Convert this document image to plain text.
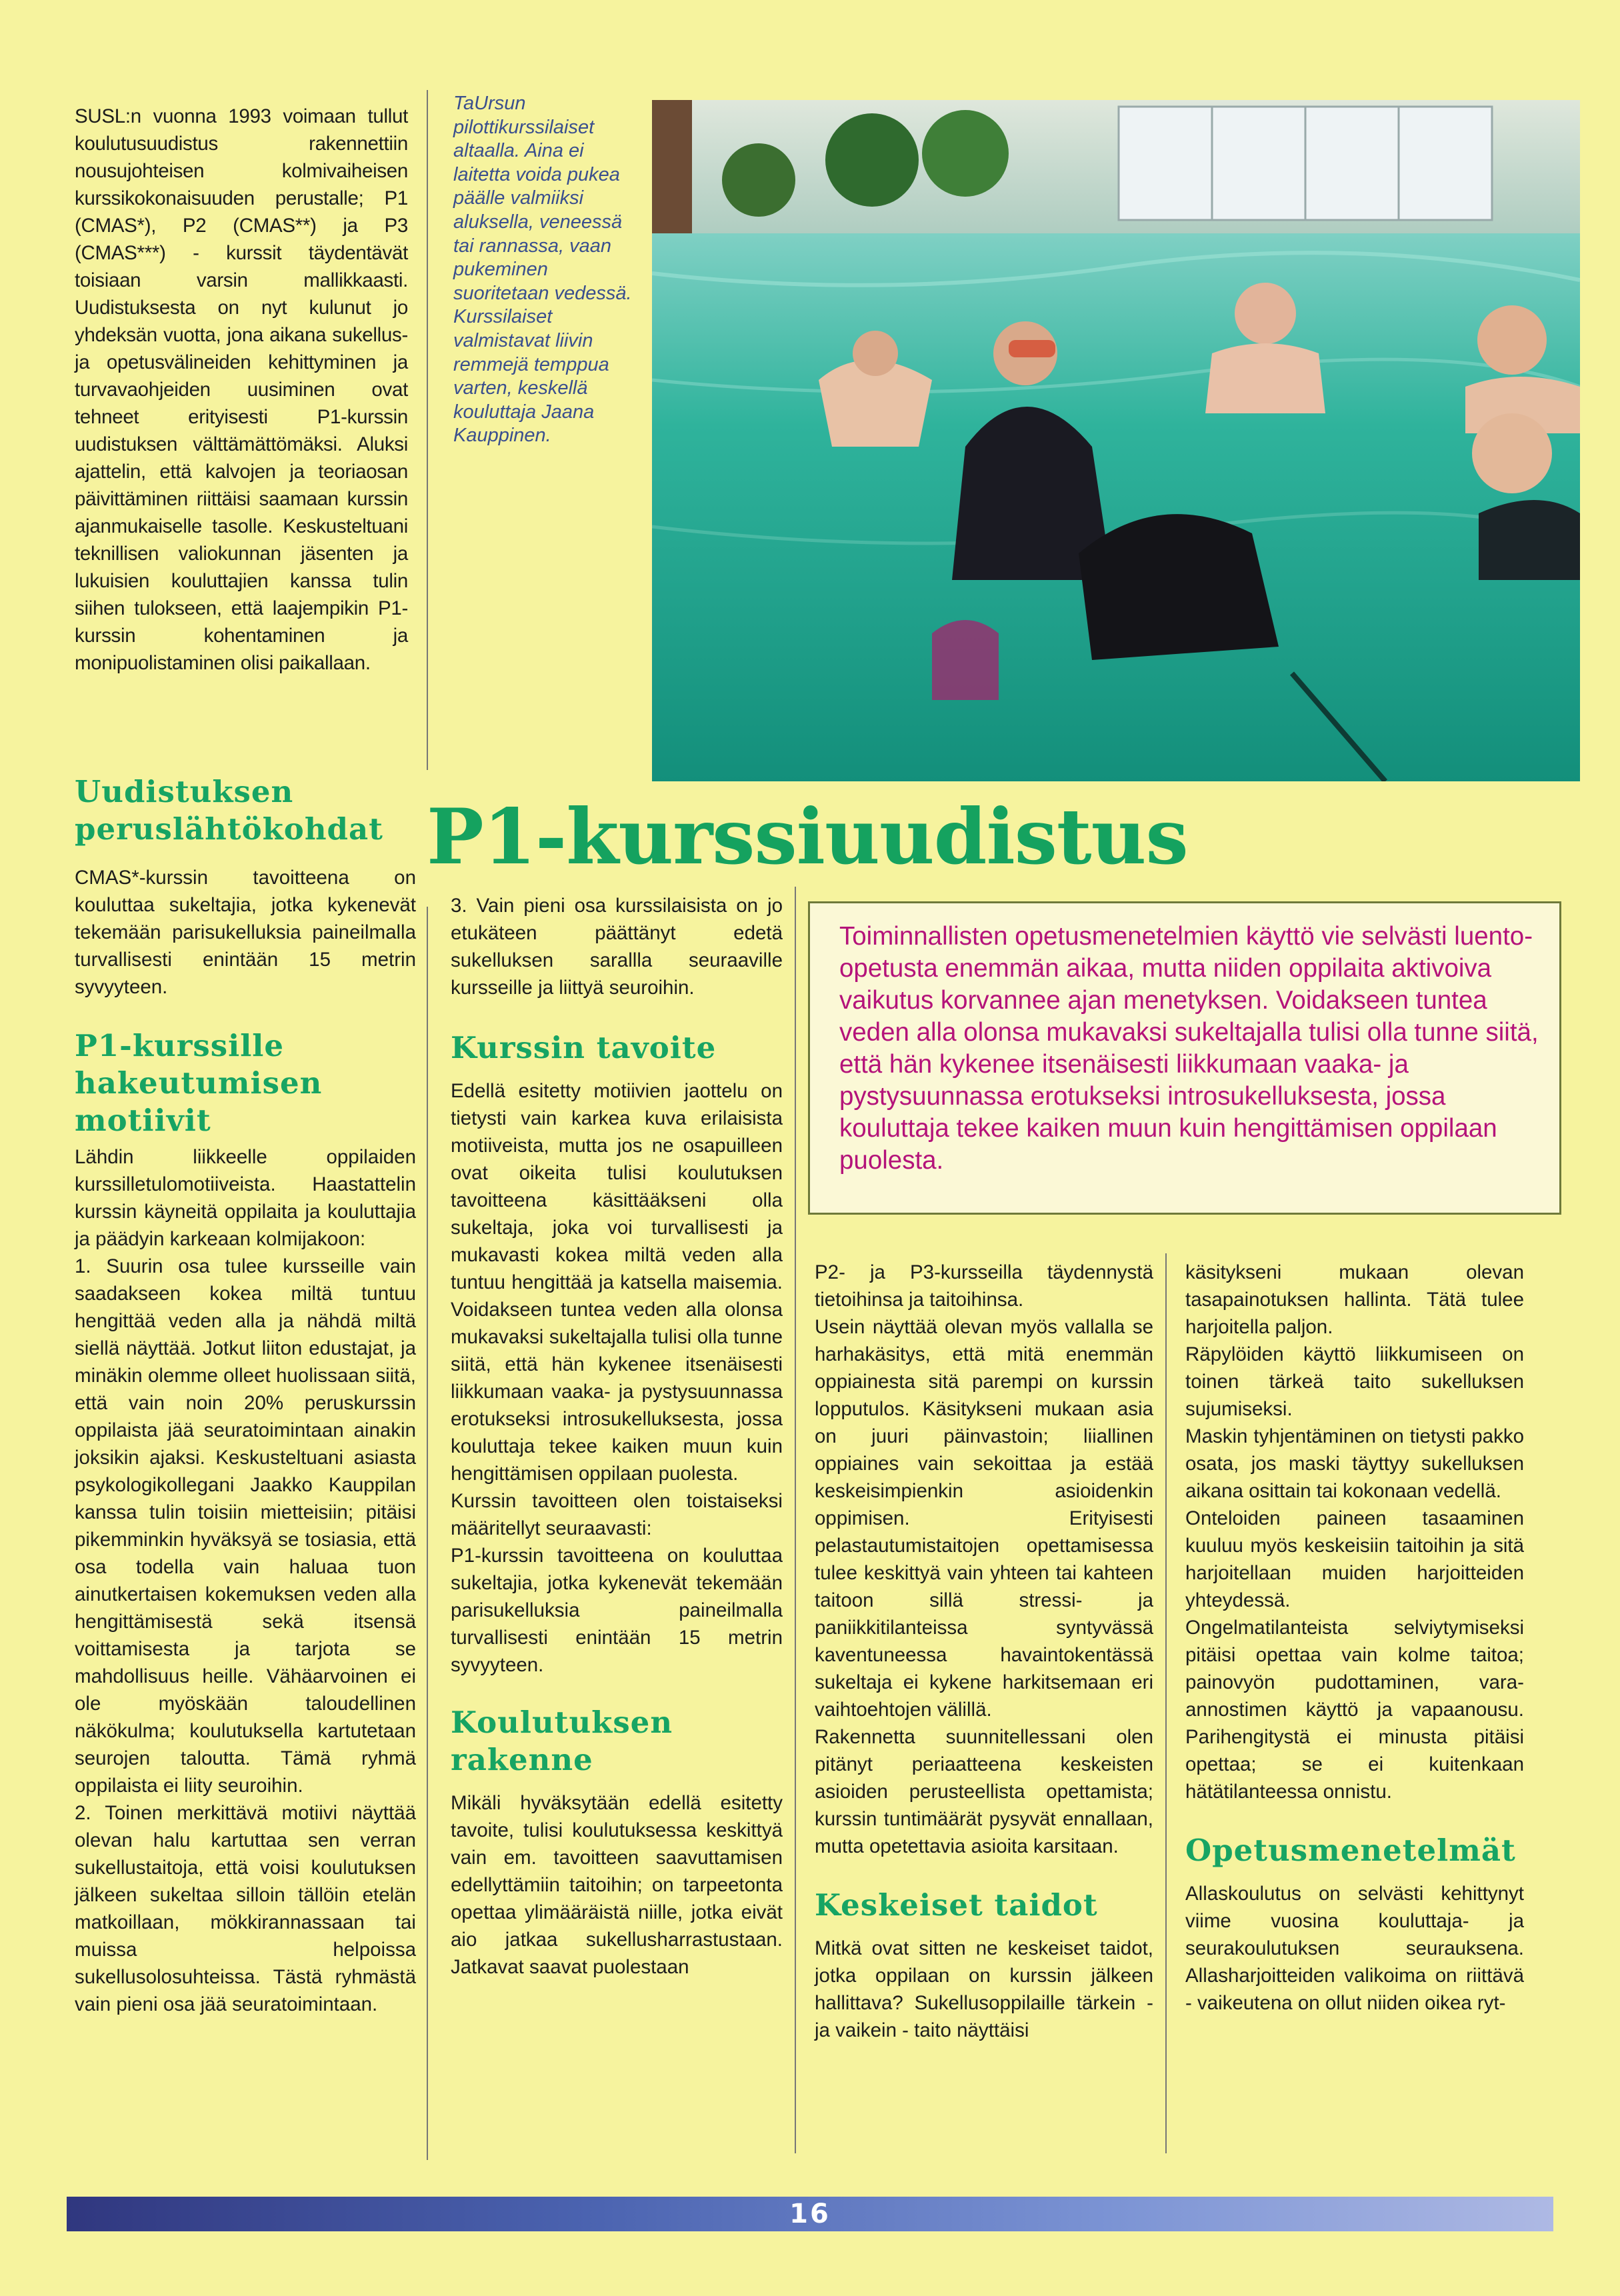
SUSL:n vuonna 1993 voimaan tullut koulutusuudistus rakennettiin nousujohteisen kolmivaiheisen kurssikokonaisuuden perustalle; P1 (CMAS*), P2 (CMAS**) ja P3 (CMAS***) - kurssit täydentävät toisiaan varsin mallikkaasti. Uudistuksesta on nyt kulunut jo yhdeksän vuotta, jona aikana sukellus- ja opetusvälineiden kehittyminen ja turvavaohjeiden uusiminen ovat tehneet erityisesti P1-kurssin uudistuksen välttämättömäksi. Aluksi ajattelin, että kalvojen ja teoriaosan päivittäminen riittäisi saamaan kurssin ajanmukaiselle tasolle. Keskusteltuani teknillisen valiokunnan jäsenten ja lukuisien kouluttajien kanssa tulin siihen tulokseen, että laajempikin P1-kurssin kohentaminen ja monipuolistaminen olisi paikallaan.

TaUrsun pilottikurssilaiset altaalla. Aina ei laitetta voida pukea päälle valmiiksi aluksella, veneessä tai rannassa, vaan pukeminen suoritetaan vedessä. Kurssilaiset valmistavat liivin remmejä temppua varten, keskellä kouluttaja Jaana Kauppinen.
P1-kurssiuudistus
Toiminnallisten opetusmenetelmien käyttö vie selvästi luento-opetusta enemmän aikaa, mutta niiden oppilaita aktivoiva vaikutus korvannee ajan menetyksen. Voidakseen tuntea veden alla olonsa mukavaksi sukeltajalla tulisi olla tunne siitä, että hän kykenee itsenäisesti liikkumaan vaaka- ja pystysuunnassa erotukseksi introsukelluksesta, jossa kouluttaja tekee kaiken muun kuin hengittämisen oppilaan puolesta.
Uudistuksen peruslähtökohdat

CMAS*-kurssin tavoitteena on kouluttaa sukeltajia, jotka kykenevät tekemään parisukelluksia paineilmalla turvallisesti enintään 15 metrin syvyyteen.

P1-kurssille hakeutumisen motiivit

Lähdin liikkeelle oppilaiden kurssilletulomotiiveista. Haastattelin kurssin käyneitä oppilaita ja kouluttajia ja päädyin karkeaan kolmijakoon:

1. Suurin osa tulee kursseille vain saadakseen kokea miltä tuntuu hengittää veden alla ja nähdä miltä siellä näyttää. Jotkut liiton edustajat, ja minäkin olemme olleet huolissaan siitä, että vain noin 20% peruskurssin oppilaista jää seuratoimintaan ainakin joksikin ajaksi. Keskusteltuani asiasta psykologikollegani Jaakko Kauppilan kanssa tulin toisiin mietteisiin; pitäisi pikemminkin hyväksyä se tosiasia, että osa todella vain haluaa tuon ainutkertaisen kokemuksen veden alla hengittämisestä sekä itsensä voittamisesta ja tarjota se mahdollisuus heille. Vähäarvoinen ei ole myöskään taloudellinen näkökulma; koulutuksella kartutetaan seurojen taloutta. Tämä ryhmä oppilaista ei liity seuroihin.

2. Toinen merkittävä motiivi näyttää olevan halu kartuttaa sen verran sukellustaitoja, että voisi koulutuksen jälkeen sukeltaa silloin tällöin etelän matkoillaan, mökkirannassaan tai muissa helpoissa sukellusolosuhteissa. Tästä ryhmästä vain pieni osa jää seuratoimintaan.

3. Vain pieni osa kurssilaisista on jo etukäteen päättänyt edetä sukelluksen sarallla seuraaville kursseille ja liittyä seuroihin.

Kurssin tavoite

Edellä esitetty motiivien jaottelu on tietysti vain karkea kuva erilaisista motiiveista, mutta jos ne osapuilleen ovat oikeita tulisi koulutuksen tavoitteena käsittääkseni olla sukeltaja, joka voi turvallisesti ja mukavasti kokea miltä veden alla tuntuu hengittää ja katsella maisemia. Voidakseen tuntea veden alla olonsa mukavaksi sukeltajalla tulisi olla tunne siitä, että hän kykenee itsenäisesti liikkumaan vaaka- ja pystysuunnassa erotukseksi introsukelluksesta, jossa kouluttaja tekee kaiken muun kuin hengittämisen oppilaan puolesta.

Kurssin tavoitteen olen toistaiseksi määritellyt seuraavasti:

P1-kurssin tavoitteena on kouluttaa sukeltajia, jotka kykenevät tekemään parisukelluksia paineilmalla turvallisesti enintään 15 metrin syvyyteen.

Koulutuksen rakenne

Mikäli hyväksytään edellä esitetty tavoite, tulisi koulutuksessa keskittyä vain em. tavoitteen saavuttamisen edellyttämiin taitoihin; on tarpeetonta opettaa ylimääräistä niille, jotka eivät aio jatkaa sukellusharrastustaan. Jatkavat saavat puolestaan

P2- ja P3-kursseilla täydennystä tietoihinsa ja taitoihinsa.

Usein näyttää olevan myös vallalla se harhakäsitys, että mitä enemmän oppiainesta sitä parempi on kurssin lopputulos. Käsitykseni mukaan asia on juuri päinvastoin; liiallinen oppiaines vain sekoittaa ja estää keskeisimpienkin asioidenkin oppimisen. Erityisesti pelastautumistaitojen opettamisessa tulee keskittyä vain yhteen tai kahteen taitoon sillä stressi- ja paniikkitilanteissa syntyvässä kaventuneessa havaintokentässä sukeltaja ei kykene harkitsemaan eri vaihtoehtojen välillä.

Rakennetta suunnitellessani olen pitänyt periaatteena keskeisten asioiden perusteellista opettamista; kurssin tuntimäärät pysyvät ennallaan, mutta opetettavia asioita karsitaan.

Keskeiset taidot

Mitkä ovat sitten ne keskeiset taidot, jotka oppilaan on kurssin jälkeen hallittava? Sukellusoppilaille tärkein - ja vaikein - taito näyttäisi

käsitykseni mukaan olevan tasapainotuksen hallinta. Tätä tulee harjoitella paljon.

Räpylöiden käyttö liikkumiseen on toinen tärkeä taito sukelluksen sujumiseksi.

Maskin tyhjentäminen on tietysti pakko osata, jos maski täyttyy sukelluksen aikana osittain tai kokonaan vedellä.

Onteloiden paineen tasaaminen kuuluu myös keskeisiin taitoihin ja sitä harjoitellaan muiden harjoitteiden yhteydessä.

Ongelmatilanteista selviytymiseksi pitäisi opettaa vain kolme taitoa; painovyön pudottaminen, vara-annostimen käyttö ja vapaanousu. Parihengitystä ei minusta pitäisi opettaa; se ei kuitenkaan hätätilanteessa onnistu.

Opetusmenetelmät

Allaskoulutus on selvästi kehittynyt viime vuosina kouluttaja- ja seurakoulutuksen seurauksena. Allasharjoitteiden valikoima on riittävä - vaikeutena on ollut niiden oikea ryt-

16
